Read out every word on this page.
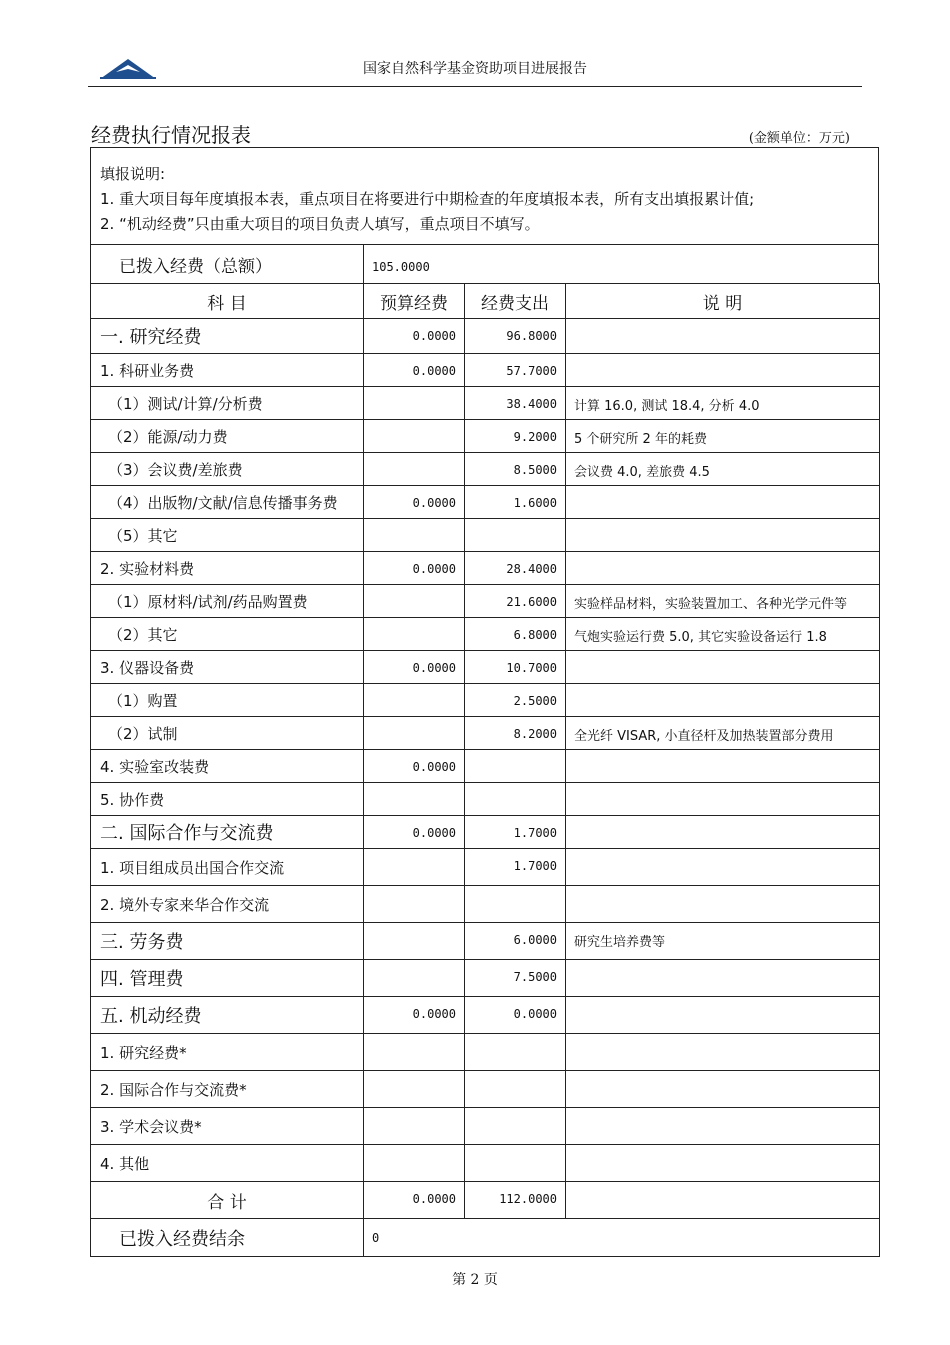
国家自然科学基金资助项目进展报告
经费执行情况报表	(金额单位：万元)
填报说明:
1. 重大项目每年度填报本表，重点项目在将要进行中期检查的年度填报本表，所有支出填报累计值;
2. “机动经费”只由重大项目的项目负责人填写，重点项目不填写。
已拨入经费（总额）	105.0000
科 目	预算经费	经费支出	说 明
一. 研究经费	0.0000	96.8000	
1. 科研业务费	0.0000	57.7000	
（1）测试/计算/分析费		38.4000	计算 16.0, 测试 18.4, 分析 4.0
（2）能源/动力费		9.2000	5 个研究所 2 年的耗费
（3）会议费/差旅费		8.5000	会议费 4.0, 差旅费 4.5
（4）出版物/文献/信息传播事务费	0.0000	1.6000	
（5）其它			
2. 实验材料费	0.0000	28.4000	
（1）原材料/试剂/药品购置费		21.6000	实验样品材料，实验装置加工、各种光学元件等
（2）其它		6.8000	气炮实验运行费 5.0, 其它实验设备运行 1.8
3. 仪器设备费	0.0000	10.7000	
（1）购置		2.5000	
（2）试制		8.2000	全光纤 VISAR, 小直径杆及加热装置部分费用
4. 实验室改装费	0.0000		
5. 协作费			
二. 国际合作与交流费	0.0000	1.7000	
1. 项目组成员出国合作交流		1.7000	
2. 境外专家来华合作交流			
三. 劳务费		6.0000	研究生培养费等
四. 管理费		7.5000	
五. 机动经费	0.0000	0.0000	
1. 研究经费*			
2. 国际合作与交流费*			
3. 学术会议费*			
4. 其他			
合 计	0.0000	112.0000	
已拨入经费结余	0		
第 2 页
